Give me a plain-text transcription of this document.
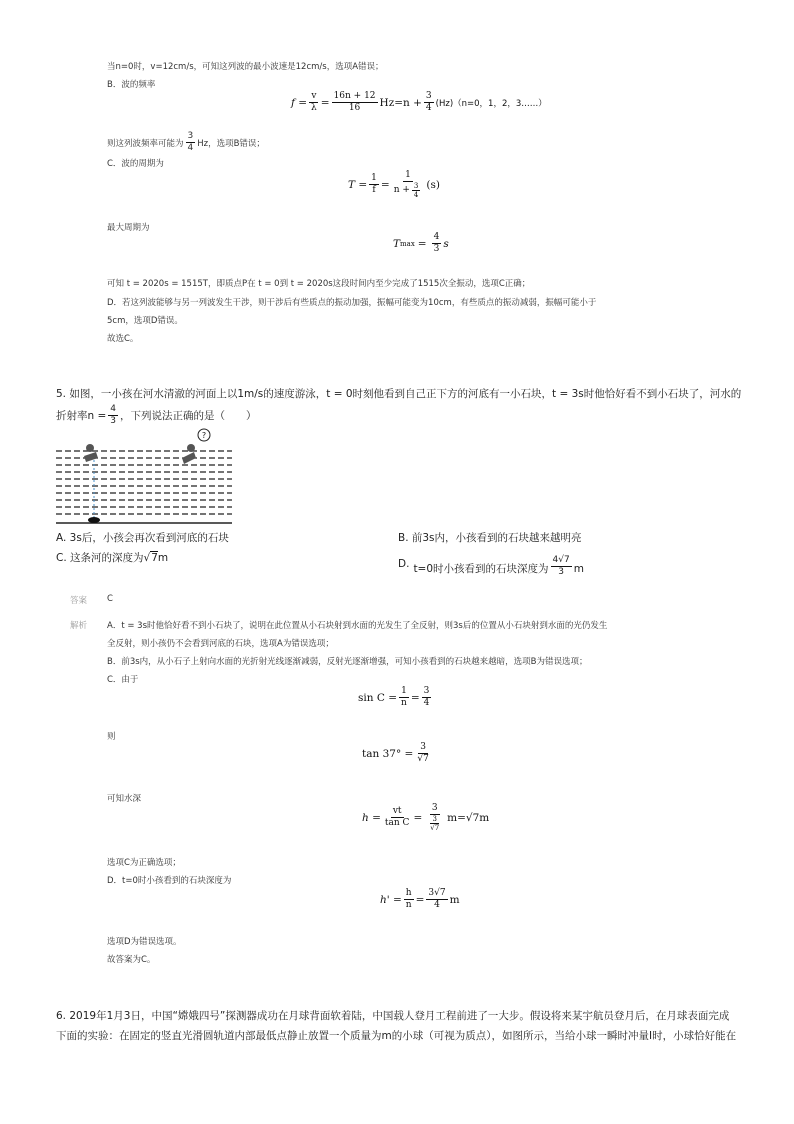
当n=0时，v=12cm/s，可知这列波的最小波速是12cm/s，选项A错误；
B．波的频率
$f = \frac{v}{\lambda} = \frac{16n + 12}{16} Hz=n + \frac{3}{4} (Hz)(n=0$，1，2，3……）
则这列波频率可能为 $\frac{3}{4}$ Hz，选项B错误；
C．波的周期为
$T = \frac{1}{f} = \frac{1}{n + \frac{3}{4}} (s)$
最大周期为
T $\max = \frac{4}{3}$ s
可知 t = 2020s = 1515T，即质点P在 t = 0到 t = 2020s这段时间内至少完成了1515次全振动，选项C正确；
D．若这列波能够与另一列波发生干涉，则干涉后有些质点的振动加强，振幅可能变为10cm，有些质点的振动减弱，振幅可能小于
5cm，选项D错误。
故选C。
5. 如图，一小孩在河水清澈的河面上以1m/s的速度游泳，t = 0时刻他看到自己正下方的河底有一小石块，t = 3s时他恰好看不到小石块了，河水的
折射率$n = \frac{4}{3}$ ，下列说法正确的是（　　）
?
A. 3s后，小孩会再次看到河底的石块	B. 前3s内，小孩看到的石块越来越明亮
C. 这条河的深度为 √ 7 m	D. t=0时小孩看到的石块深度为 $\frac{4√7}{3}$ m
答案 C
解析 A．t = 3s时他恰好看不到小石块了，说明在此位置从小石块射到水面的光发生了全反射，则3s后的位置从小石块射到水面的光仍发生
全反射，则小孩仍不会看到河底的石块，选项A为错误选项；
B．前3s内，从小石子上射向水面的光折射光线逐渐减弱，反射光逐渐增强，可知小孩看到的石块越来越暗，选项B为错误选项；
C．由于
$\sin C = \frac{1}{n} = \frac{3}{4}$
则
$\tan 37^\circ = \frac{3}{√7}$
可知水深
$h = \frac{vt}{\text{tan C}} = \frac{3}{\frac{3}{√7}} m=√7m$
选项C为正确选项；
D．t=0时小孩看到的石块深度为
$h' = \frac{h}{n} = \frac{3√7}{4}$ m
选项D为错误选项。
故答案为C。
6. 2019年1月3日，中国“嫦娥四号”探测器成功在月球背面软着陆，中国载人登月工程前进了一大步。假设将来某宇航员登月后，在月球表面完成
下面的实验：在固定的竖直光滑圆轨道内部最低点静止放置一个质量为m的小球（可视为质点），如图所示，当给小球一瞬时冲量I时，小球恰好能在
